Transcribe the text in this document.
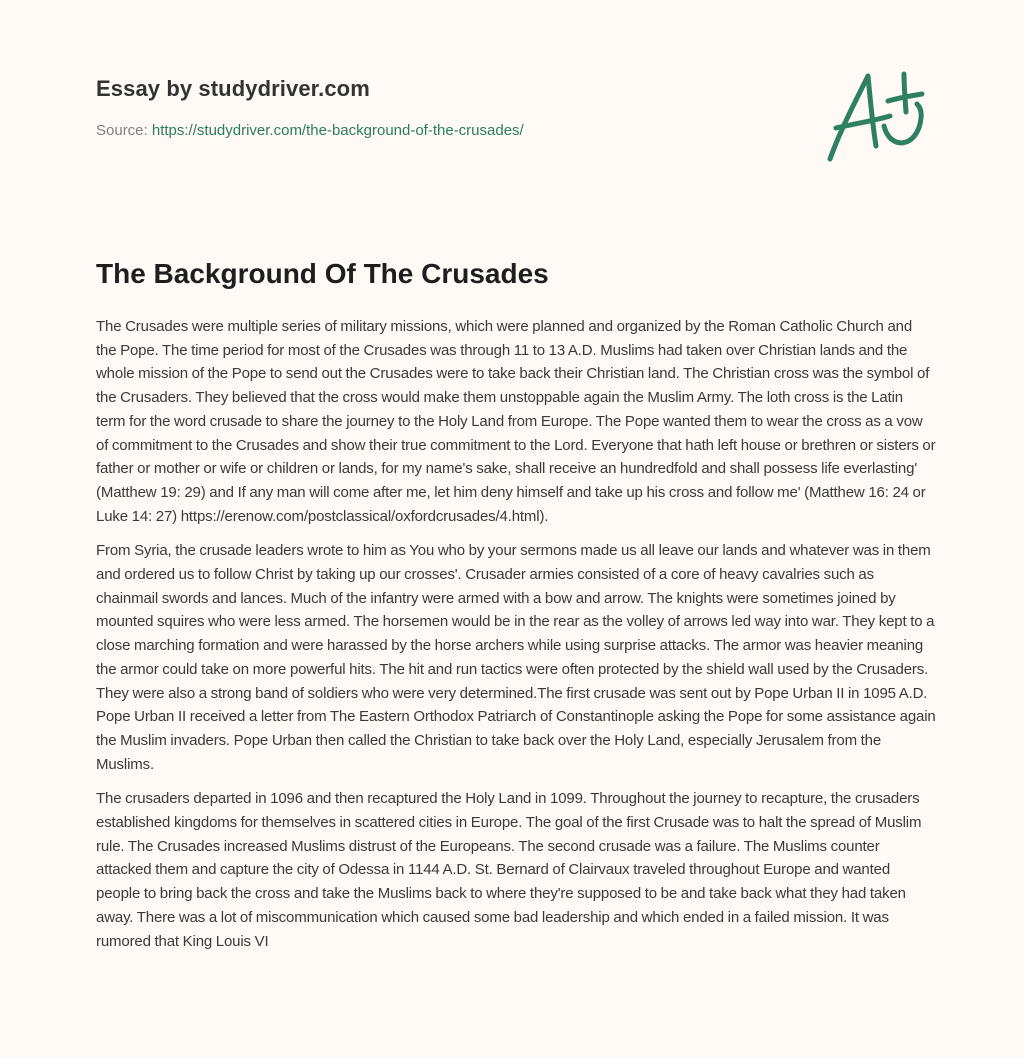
Essay by studydriver.com
Source: https://studydriver.com/the-background-of-the-crusades/
The Background Of The Crusades

The Crusades were multiple series of military missions, which were planned and organized by the Roman Catholic Church and the Pope. The time period for most of the Crusades was through 11 to 13 A.D. Muslims had taken over Christian lands and the whole mission of the Pope to send out the Crusades were to take back their Christian land. The Christian cross was the symbol of the Crusaders. They believed that the cross would make them unstoppable again the Muslim Army. The loth cross is the Latin term for the word crusade to share the journey to the Holy Land from Europe. The Pope wanted them to wear the cross as a vow of commitment to the Crusades and show their true commitment to the Lord. Everyone that hath left house or brethren or sisters or father or mother or wife or children or lands, for my name's sake, shall receive an hundredfold and shall possess life everlasting' (Matthew 19: 29) and If any man will come after me, let him deny himself and take up his cross and follow me' (Matthew 16: 24 or Luke 14: 27) https://erenow.com/postclassical/oxfordcrusades/4.html).

From Syria, the crusade leaders wrote to him as You who by your sermons made us all leave our lands and whatever was in them and ordered us to follow Christ by taking up our crosses'. Crusader armies consisted of a core of heavy cavalries such as chainmail swords and lances. Much of the infantry were armed with a bow and arrow. The knights were sometimes joined by mounted squires who were less armed. The horsemen would be in the rear as the volley of arrows led way into war. They kept to a close marching formation and were harassed by the horse archers while using surprise attacks. The armor was heavier meaning the armor could take on more powerful hits. The hit and run tactics were often protected by the shield wall used by the Crusaders. They were also a strong band of soldiers who were very determined.The first crusade was sent out by Pope Urban II in 1095 A.D. Pope Urban II received a letter from The Eastern Orthodox Patriarch of Constantinople asking the Pope for some assistance again the Muslim invaders. Pope Urban then called the Christian to take back over the Holy Land, especially Jerusalem from the Muslims.

The crusaders departed in 1096 and then recaptured the Holy Land in 1099. Throughout the journey to recapture, the crusaders established kingdoms for themselves in scattered cities in Europe. The goal of the first Crusade was to halt the spread of Muslim rule. The Crusades increased Muslims distrust of the Europeans. The second crusade was a failure. The Muslims counter attacked them and capture the city of Odessa in 1144 A.D. St. Bernard of Clairvaux traveled throughout Europe and wanted people to bring back the cross and take the Muslims back to where they're supposed to be and take back what they had taken away. There was a lot of miscommunication which caused some bad leadership and which ended in a failed mission. It was rumored that King Louis VI
